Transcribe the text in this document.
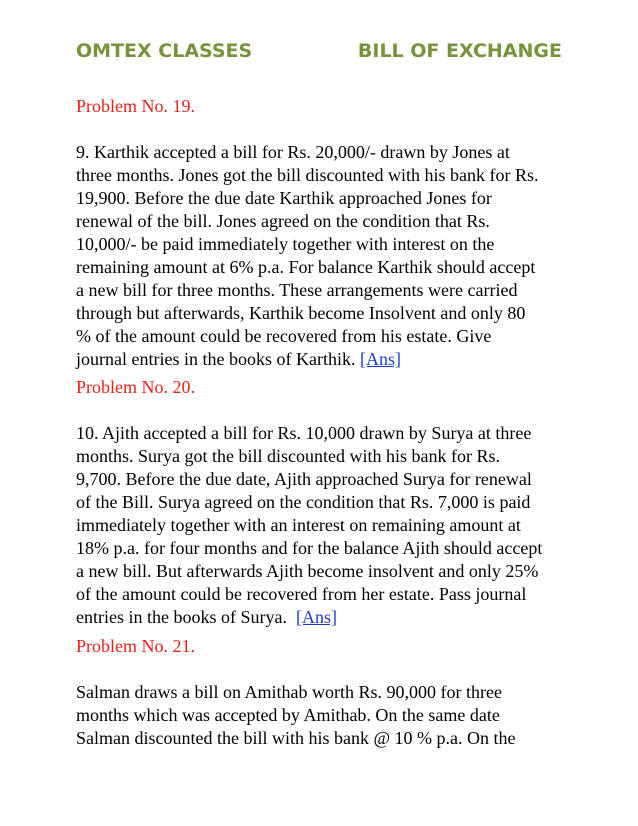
OMTEX CLASSES	BILL OF EXCHANGE
Problem No. 19.
9. Karthik accepted a bill for Rs. 20,000/- drawn by Jones at
three months. Jones got the bill discounted with his bank for Rs.
19,900. Before the due date Karthik approached Jones for
renewal of the bill. Jones agreed on the condition that Rs.
10,000/- be paid immediately together with interest on the
remaining amount at 6% p.a. For balance Karthik should accept
a new bill for three months. These arrangements were carried
through but afterwards, Karthik become Insolvent and only 80
% of the amount could be recovered from his estate. Give
journal entries in the books of Karthik. [Ans]
Problem No. 20.
10. Ajith accepted a bill for Rs. 10,000 drawn by Surya at three
months. Surya got the bill discounted with his bank for Rs.
9,700. Before the due date, Ajith approached Surya for renewal
of the Bill. Surya agreed on the condition that Rs. 7,000 is paid
immediately together with an interest on remaining amount at
18% p.a. for four months and for the balance Ajith should accept
a new bill. But afterwards Ajith become insolvent and only 25%
of the amount could be recovered from her estate. Pass journal
entries in the books of Surya.  [Ans]
Problem No. 21.
Salman draws a bill on Amithab worth Rs. 90,000 for three
months which was accepted by Amithab. On the same date
Salman discounted the bill with his bank @ 10 % p.a. On the
